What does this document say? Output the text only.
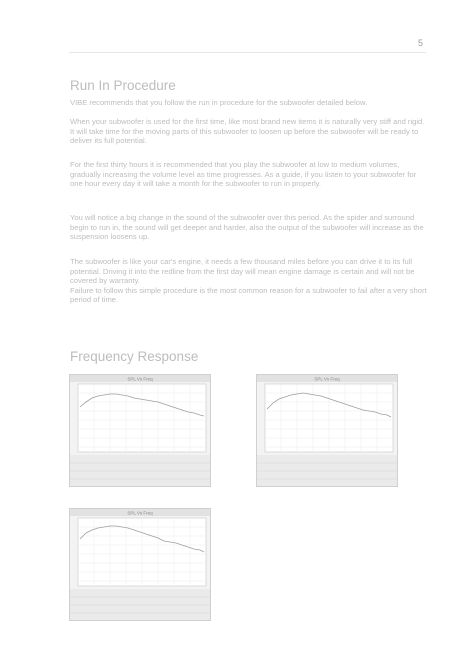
5
Run In Procedure

VIBE recommends that you follow the run in procedure for the subwoofer detailed below.

When your subwoofer is used for the first time, like most brand new items it is naturally very stiff and rigid. It will take time for the moving parts of this subwoofer to loosen up before the subwoofer will be ready to deliver its full potential.

For the first thirty hours it is recommended that you play the subwoofer at low to medium volumes, gradually increasing the volume level as time progresses. As a guide, if you listen to your subwoofer for one hour every day it will take a month for the subwoofer to run in properly.

You will notice a big change in the sound of the subwoofer over this period. As the spider and surround begin to run in, the sound will get deeper and harder, also the output of the subwoofer will increase as the suspension loosens up.

The subwoofer is like your car's engine, it needs a few thousand miles before you can drive it to its full potential. Driving it into the redline from the first day will mean engine damage is certain and will not be covered by warranty.
Failure to follow this simple procedure is the most common reason for a subwoofer to fail after a very short period of time.

Frequency Response
SPL Vs Freq	SPL Vs Freq
SPL Vs Freq
